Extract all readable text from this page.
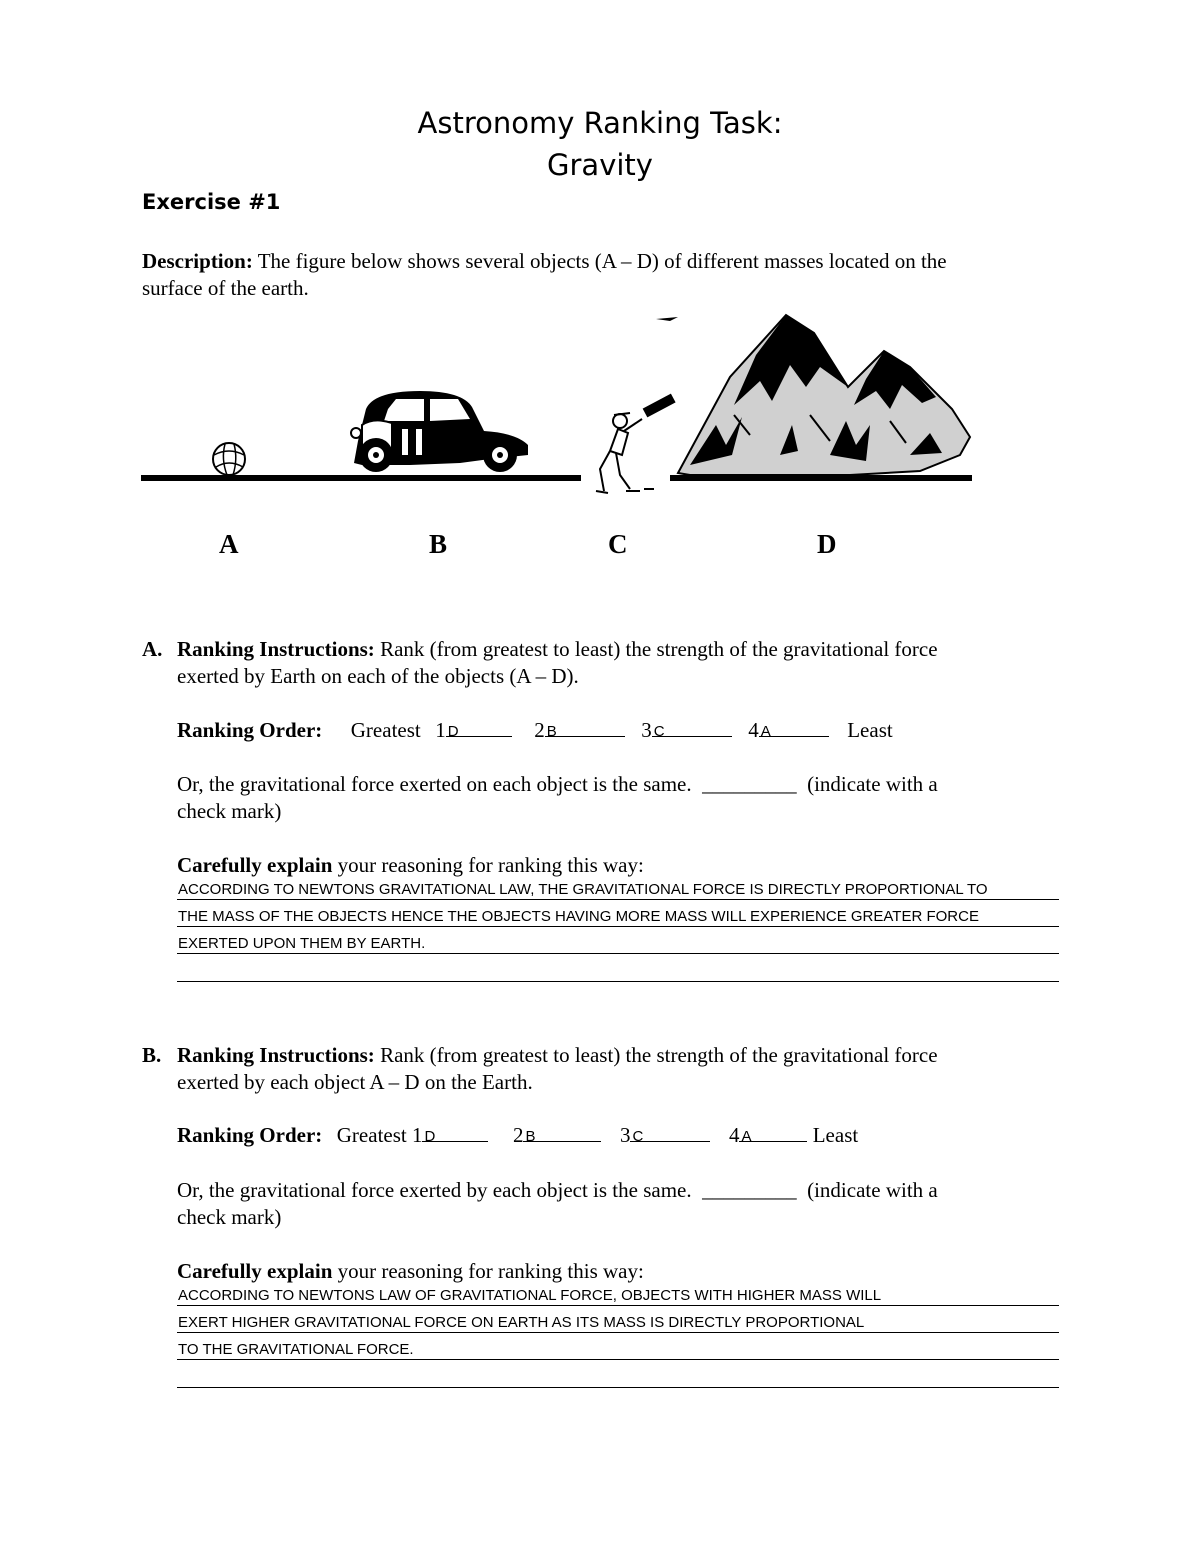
Astronomy Ranking Task:
Gravity
Exercise #1
Description: The figure below shows several objects (A – D) of different masses located on the
surface of the earth.
A	B	C	D
A. Ranking Instructions: Rank (from greatest to least) the strength of the gravitational force
exerted by Earth on each of the objects (A – D).
Ranking Order: Greatest 1 D	2 B	3 C	4 A	Least
Or, the gravitational force exerted on each object is the same. _________ (indicate with a
check mark)
Carefully explain your reasoning for ranking this way:
ACCORDING TO NEWTONS GRAVITATIONAL LAW, THE GRAVITATIONAL FORCE IS DIRECTLY PROPORTIONAL TO
THE MASS OF THE OBJECTS HENCE THE OBJECTS HAVING MORE MASS WILL EXPERIENCE GREATER FORCE
EXERTED UPON THEM BY EARTH.
B. Ranking Instructions: Rank (from greatest to least) the strength of the gravitational force
exerted by each object A – D on the Earth.
Ranking Order: Greatest 1 D	2 B	3 C	4 A	Least
Or, the gravitational force exerted by each object is the same. _________ (indicate with a
check mark)
Carefully explain your reasoning for ranking this way:
ACCORDING TO NEWTONS LAW OF GRAVITATIONAL FORCE, OBJECTS WITH HIGHER MASS WILL
EXERT HIGHER GRAVITATIONAL FORCE ON EARTH AS ITS MASS IS DIRECTLY PROPORTIONAL
TO THE GRAVITATIONAL FORCE.
